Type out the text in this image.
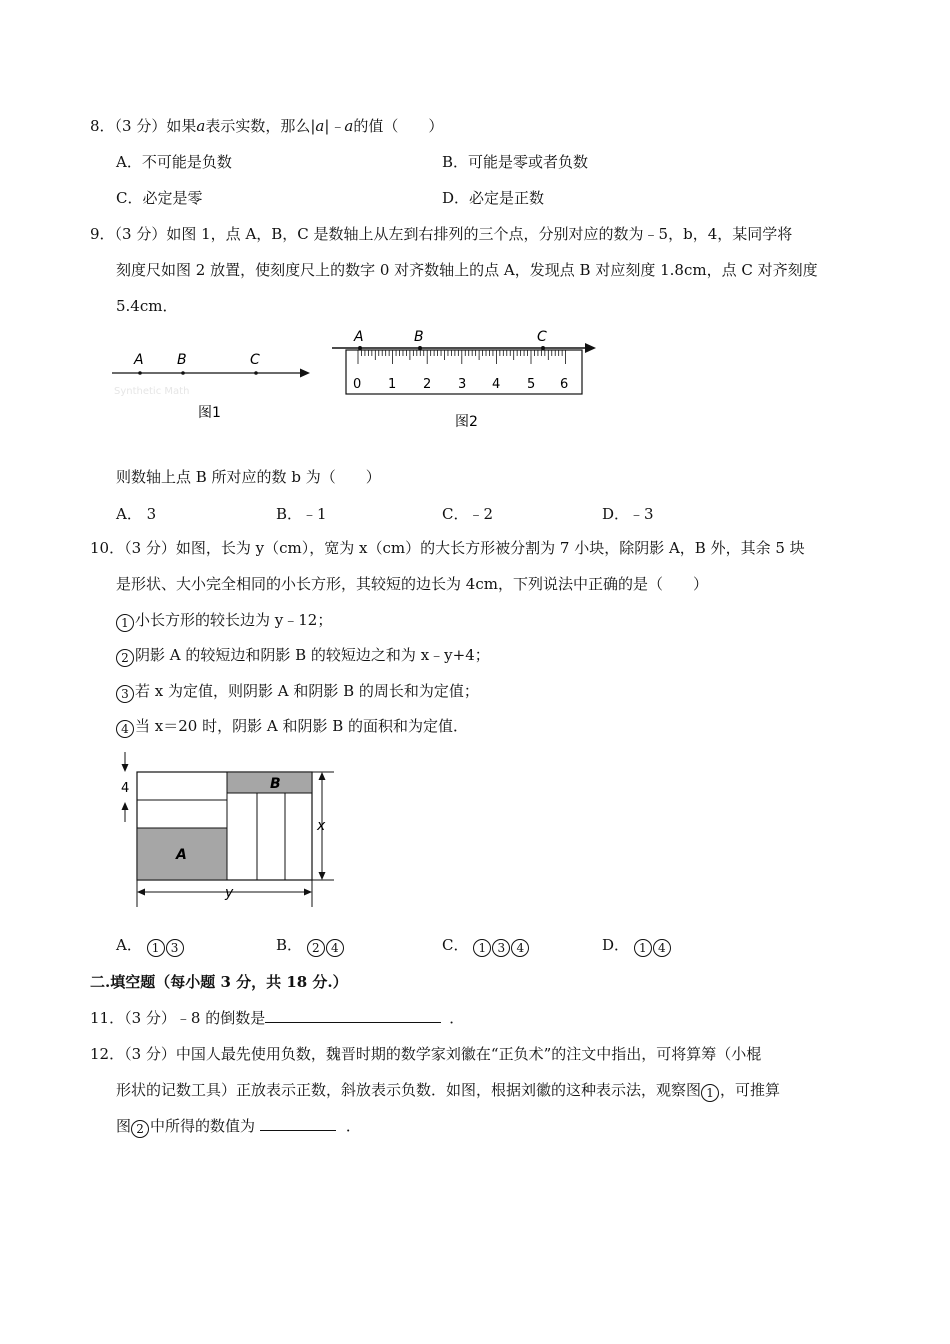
8．（3 分）如果a表示实数，那么|a|﹣a的值（　　）
A．不可能是负数	B．可能是零或者负数
C．必定是零	D．必定是正数
9．（3 分）如图 1，点 A，B，C 是数轴上从左到右排列的三个点，分别对应的数为﹣5，b，4，某同学将
刻度尺如图 2 放置，使刻度尺上的数字 0 对齐数轴上的点 A，发现点 B 对应刻度 1.8cm，点 C 对齐刻度
5.4cm．
Synthetic Math
A B	C
图1
A	B	C
0 1 2 3 4 5 6
图2
则数轴上点 B 所对应的数 b 为（　　）
A． 3	B．﹣1	C．﹣2	D．﹣3
10．（3 分）如图，长为 y（cm），宽为 x（cm）的大长方形被分割为 7 小块，除阴影 A，B 外，其余 5 块
是形状、大小完全相同的小长方形，其较短的边长为 4cm，下列说法中正确的是（　　）
1 小长方形的较长边为 y﹣12；
2 阴影 A 的较短边和阴影 B 的较短边之和为 x﹣y+4；
3 若 x 为定值，则阴影 A 和阴影 B 的周长和为定值；
4 当 x＝20 时，阴影 A 和阴影 B 的面积和为定值．
A
B
4
x
y
A． 1 3	B． 2 4	C． 1 3 4	D． 1 4
二.填空题（每小题 3 分，共 18 分.）
11．（3 分）﹣8 的倒数是	．
12．（3 分）中国人最先使用负数，魏晋时期的数学家刘徽在“正负术”的注文中指出，可将算筹（小棍
形状的记数工具）正放表示正数，斜放表示负数．如图，根据刘徽的这种表示法，观察图 1 ，可推算
图 2 中所得的数值为	．
